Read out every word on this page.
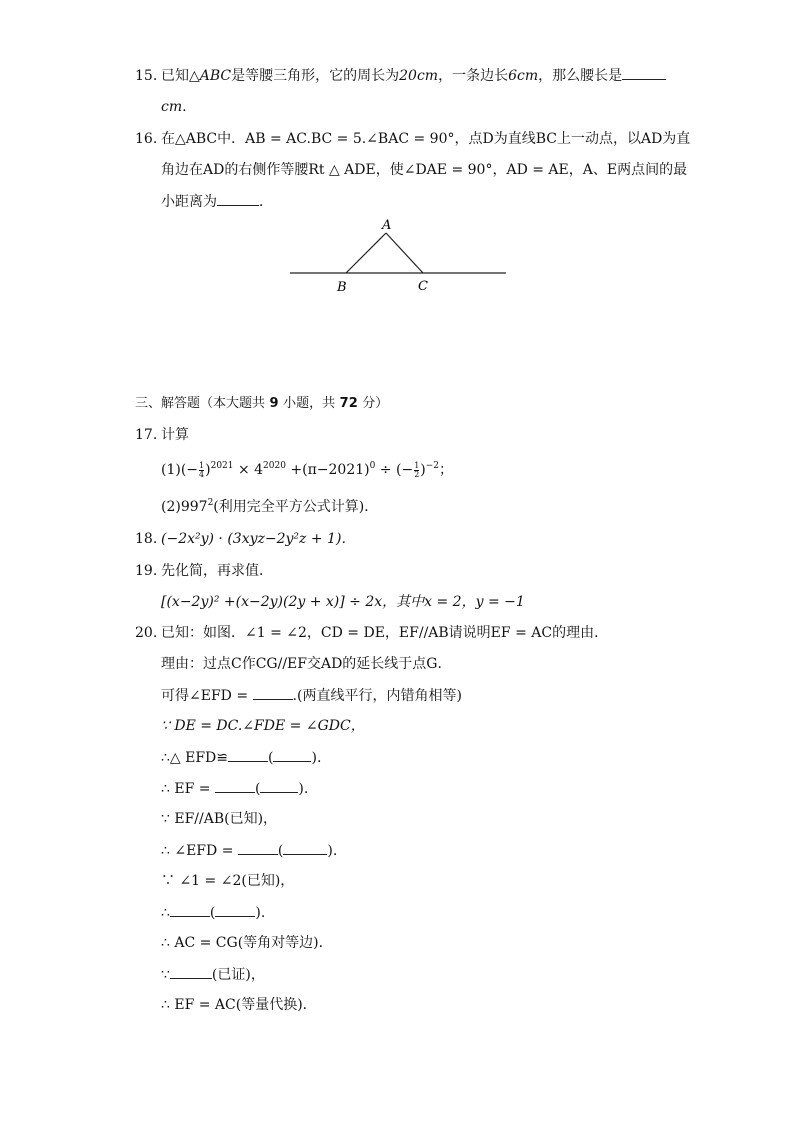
15. 已知△ABC是等腰三角形，它的周长为20cm，一条边长6cm，那么腰长是
cm.
16. 在△ABC中．AB = AC.BC = 5.∠BAC = 90°，点D为直线BC上一动点，以AD为直
角边在AD的右侧作等腰Rt △ ADE，使∠DAE = 90°，AD = AE，A、E两点间的最
小距离为	．
A
B	C
三、解答题（本大题共 9 小题，共 72 分）
17. 计算
$(1)(- \frac{1}{4} )^{2021} \times 4^{2020} +(\pi-2021)^0$ ÷ (− $\frac{1}{2} )^{-2}$；
$(2)997^2$(利用完全平方公式计算)．
18. (−2x²y) · (3xyz−2y²z + 1)．
19. 先化简，再求值．
[(x−2y)² +(x−2y)(2y + x)] ÷ 2x，其中x = 2，y = −1
20. 已知：如图．∠1 = ∠2，CD = DE，EF//AB请说明EF = AC的理由．
理由：过点C作CG//EF交AD的延长线于点G．
可得∠EFD =	.(两直线平行，内错角相等)
∵ DE = DC.∠FDE = ∠GDC，
∴△ EFD≌	(	).
∴ EF =	(	).
∵ EF//AB(已知)，
∴ ∠EFD =	(	).
∵ ∠1 = ∠2(已知)，
∴	(	).
∴ AC = CG(等角对等边)．
∵	(已证)，
∴ EF = AC(等量代换)．
